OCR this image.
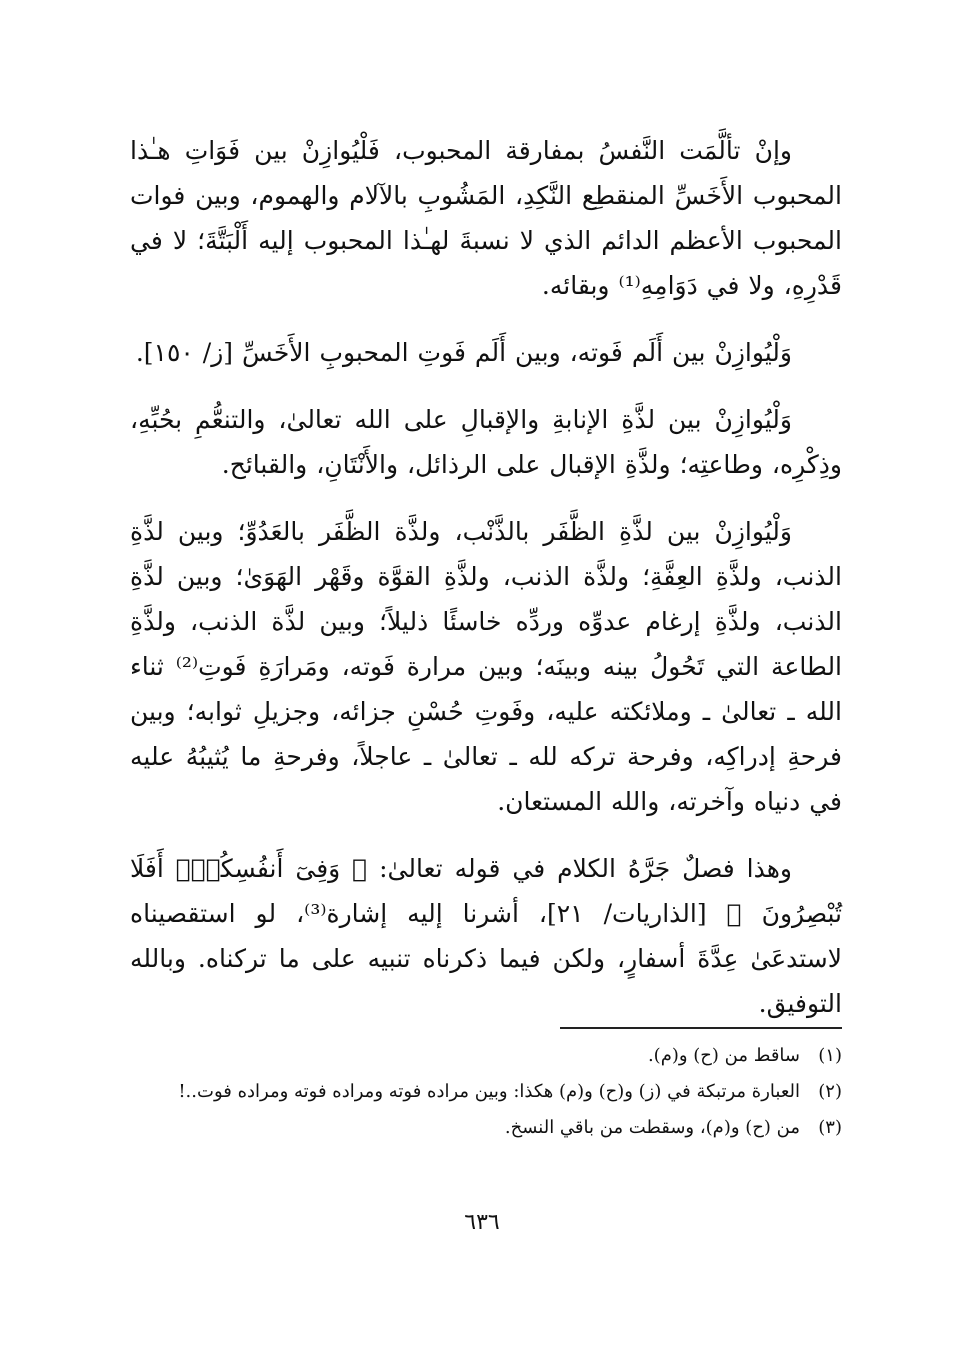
وإنْ تألَّمَت النَّفسُ بمفارقة المحبوب، فَلْيُوازِنْ بين فَوَاتِ هـٰذا المحبوب الأَخَسِّ المنقطِع النَّكِدِ، المَشُوبِ بالآلام والهموم، وبين فوات المحبوب الأعظم الدائم الذي لا نسبةَ لهـٰذا المحبوب إليه أَلْبَتَّةَ؛ لا في قَدْرِهِ، ولا في دَوَامِهِ⁽¹⁾ وبقائه.

وَلْيُوازِنْ بين أَلَم فَوته، وبين أَلَم فَوتِ المحبوبِ الأَخَسِّ [ز/ ١٥٠].

وَلْيُوازِنْ بين لذَّةِ الإنابةِ والإقبالِ على الله تعالىٰ، والتنعُّمِ بحُبِّهِ، وذِكْرِه، وطاعتِه؛ ولذَّةِ الإقبال على الرذائل، والأَنْتَانِ، والقبائح.

وَلْيُوازِنْ بين لذَّةِ الظَّفَر بالذَّنْب، ولذَّة الظَّفَر بالعَدُوِّ؛ وبين لذَّةِ الذنب، ولذَّةِ العِفَّةِ؛ ولذَّة الذنب، ولذَّةِ القوَّة وقَهْر الهَوَىٰ؛ وبين لذَّةِ الذنب، ولذَّةِ إرغام عدوِّه وردِّه خاسئًا ذليلاً؛ وبين لذَّة الذنب، ولذَّةِ الطاعة التي تَحُولُ بينه وبينَه؛ وبين مرارة فَوته، ومَرارَةِ فَوتِ⁽²⁾ ثناء الله ـ تعالىٰ ـ وملائكته عليه، وفَوتِ حُسْنِ جزائه، وجزيلِ ثوابه؛ وبين فرحةِ إدراكِه، وفرحة تركه لله ـ تعالىٰ ـ عاجلاً، وفرحةِ ما يُثيبُهُ عليه في دنياه وآخرته، والله المستعان.

وهذا فصلٌ جَرَّهُ الكلام في قوله تعالىٰ: ﴿ وَفِىٓ أَنفُسِكُمْۚ أَفَلَا تُبْصِرُونَ ﴾ [الذاريات/ ٢١]، أشرنا إليه إشارة⁽³⁾، لو استقصيناه لاستدعَىٰ عِدَّةَ أسفارٍ، ولكن فيما ذكرناه تنبيه على ما تركناه. وبالله التوفيق.

(١)
ساقط من (ح) و(م).
(٢)
العبارة مرتبكة في (ز) و(ح) و(م) هكذا: وبين مراده فوته ومراده فوته ومراده فوت..!
(٣)
من (ح) و(م)، وسقطت من باقي النسخ.
٦٣٦
